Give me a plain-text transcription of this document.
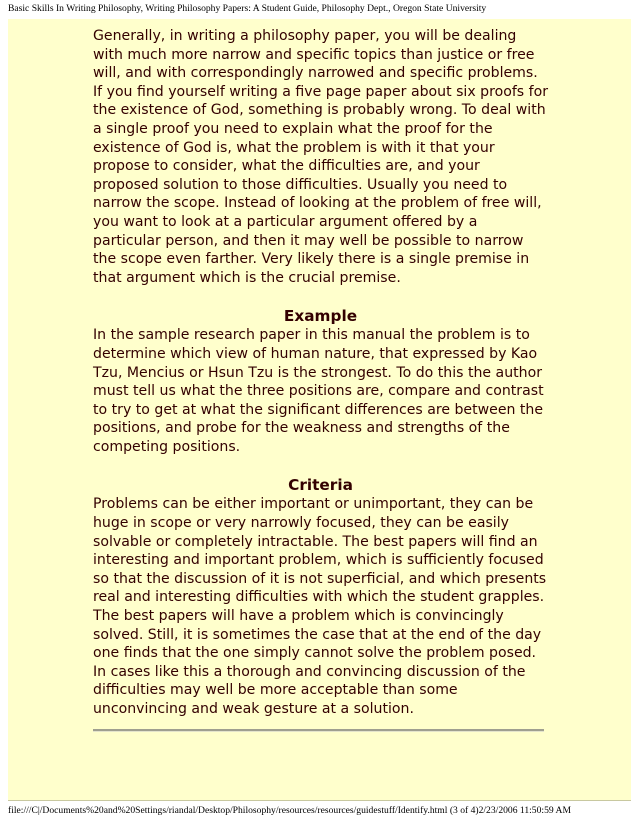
Basic Skills In Writing Philosophy, Writing Philosophy Papers: A Student Guide, Philosophy Dept., Oregon State University

Generally, in writing a philosophy paper, you will be dealing with much more narrow and specific topics than justice or free will, and with correspondingly narrowed and specific problems. If you find yourself writing a five page paper about six proofs for the existence of God, something is probably wrong. To deal with a single proof you need to explain what the proof for the existence of God is, what the problem is with it that your propose to consider, what the difficulties are, and your proposed solution to those difficulties. Usually you need to narrow the scope. Instead of looking at the problem of free will, you want to look at a particular argument offered by a particular person, and then it may well be possible to narrow the scope even farther. Very likely there is a single premise in that argument which is the crucial premise.

Example

In the sample research paper in this manual the problem is to determine which view of human nature, that expressed by Kao Tzu, Mencius or Hsun Tzu is the strongest. To do this the author must tell us what the three positions are, compare and contrast to try to get at what the significant differences are between the positions, and probe for the weakness and strengths of the competing positions.

Criteria

Problems can be either important or unimportant, they can be huge in scope or very narrowly focused, they can be easily solvable or completely intractable. The best papers will find an interesting and important problem, which is sufficiently focused so that the discussion of it is not superficial, and which presents real and interesting difficulties with which the student grapples. The best papers will have a problem which is convincingly solved. Still, it is sometimes the case that at the end of the day one finds that the one simply cannot solve the problem posed. In cases like this a thorough and convincing discussion of the difficulties may well be more acceptable than some unconvincing and weak gesture at a solution.

file:///C|/Documents%20and%20Settings/riandal/Desktop/Philosophy/resources/resources/guidestuff/Identify.html (3 of 4)2/23/2006 11:50:59 AM
